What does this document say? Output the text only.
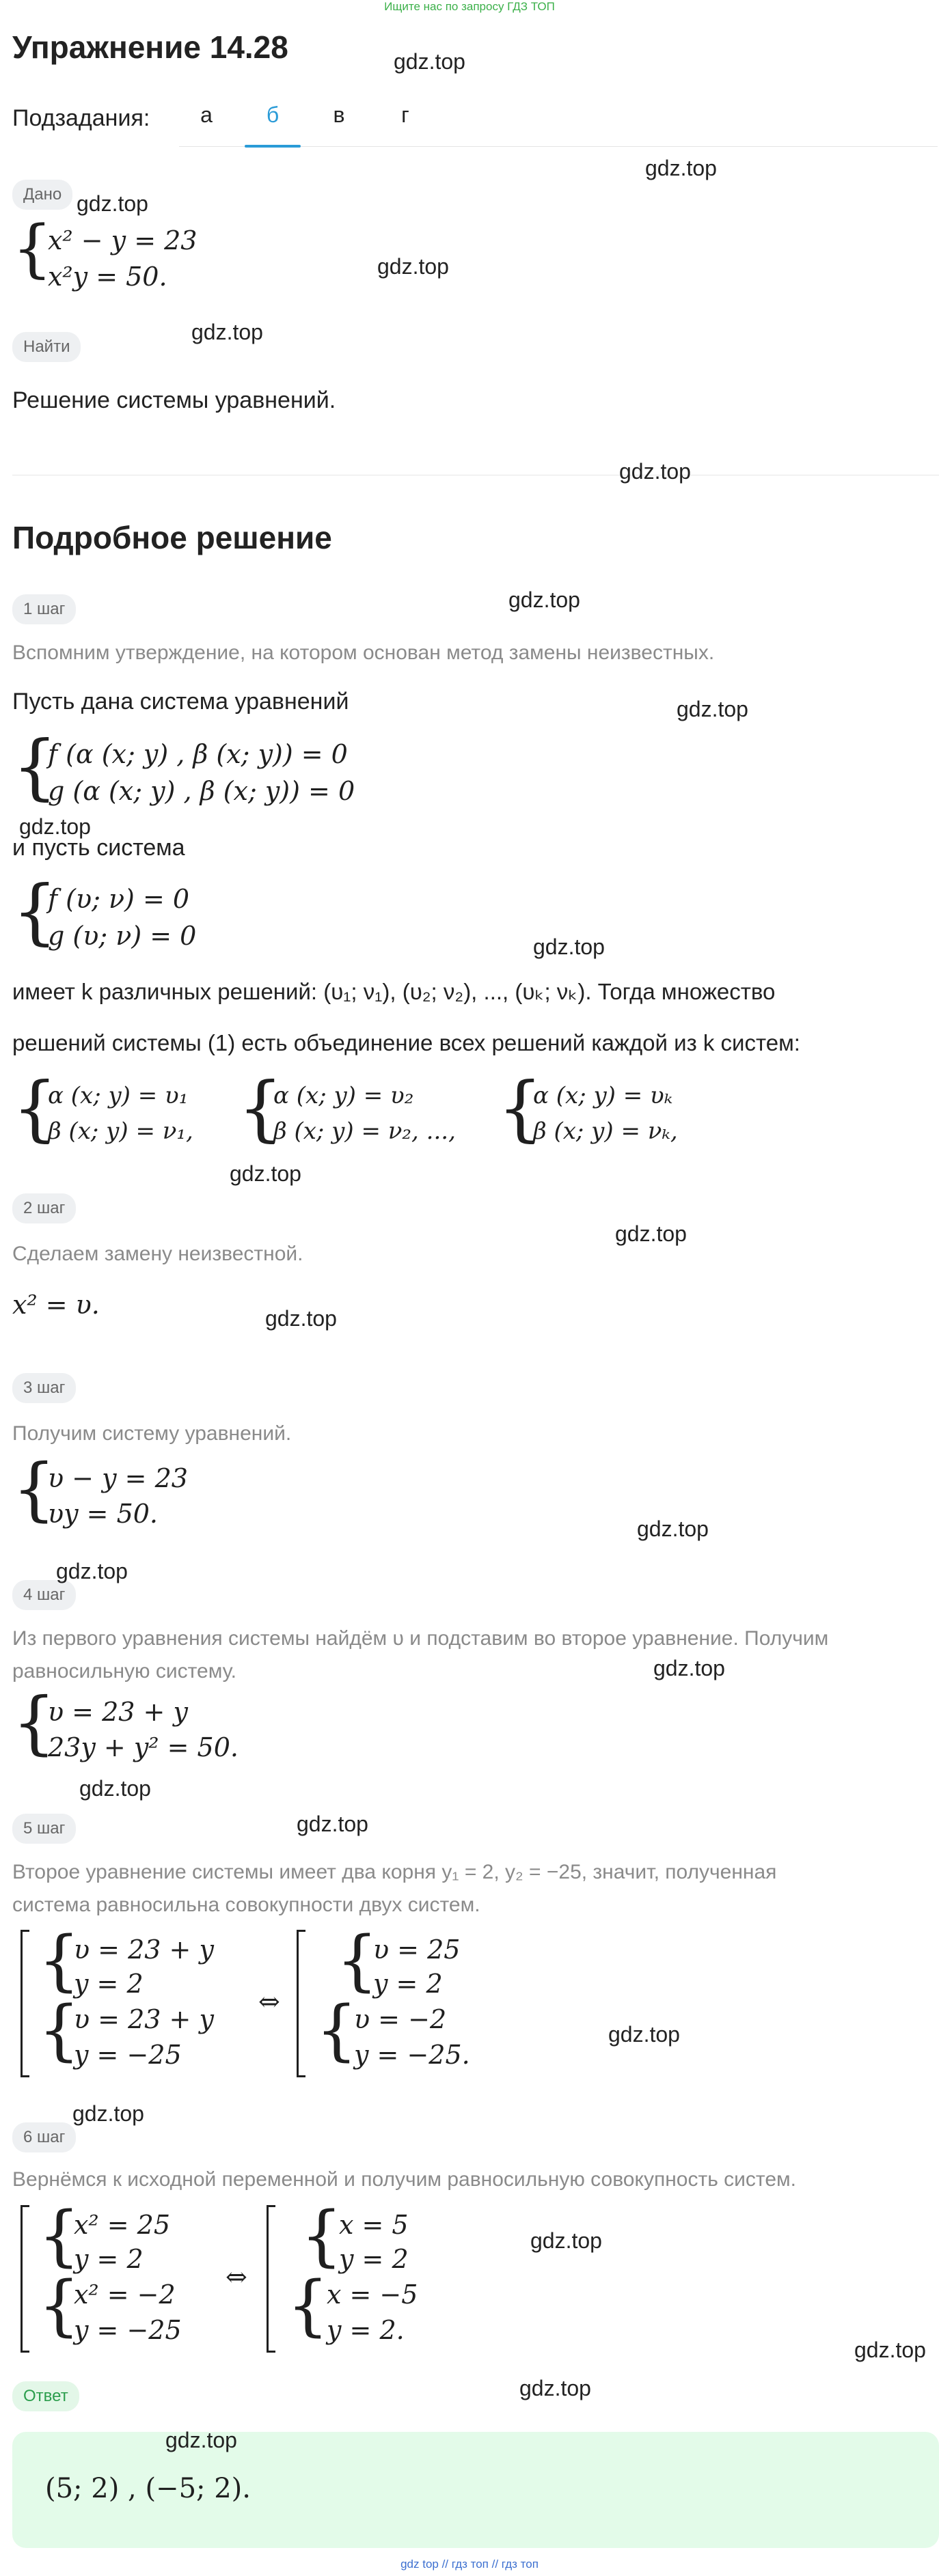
Ищите нас по запросу ГДЗ ТОП
Упражнение 14.28
Подзадания:	а	б	в	г
Дано
{
x² − y = 23
x²y = 50.
Найти
Решение системы уравнений.
Подробное решение
1 шаг
Вспомним утверждение, на котором основан метод замены неизвестных.
Пусть дана система уравнений
{
f (α (x; y) , β (x; y)) = 0
g (α (x; y) , β (x; y)) = 0
и пусть система
{
f (υ; ν) = 0
g (υ; ν) = 0
имеет k различных решений: (υ₁; ν₁), (υ₂; ν₂), ..., (υₖ; νₖ). Тогда множество
решений системы (1) есть объединение всех решений каждой из k систем:
{
α (x; y) = υ₁
β (x; y) = ν₁, {
α (x; y) = υ₂
β (x; y) = ν₂, ..., {
α (x; y) = υₖ
β (x; y) = νₖ,
2 шаг
Сделаем замену неизвестной.
x² = υ.
3 шаг
Получим систему уравнений.
{
υ − y = 23
υy = 50.
4 шаг
Из первого уравнения системы найдём υ и подставим во второе уравнение. Получим
равносильную систему.
{
υ = 23 + y
23y + y² = 50.
5 шаг
Второе уравнение системы имеет два корня y₁ = 2, y₂ = −25, значит, полученная
система равносильна совокупности двух систем.
{
υ = 23 + y
y = 2
{
υ = 23 + y
y = −25
⇔
{
υ = 25
y = 2
{
υ = −2
y = −25.
6 шаг
Вернёмся к исходной переменной и получим равносильную совокупность систем.
{
x² = 25
y = 2
{
x² = −2
y = −25
⇔
{
x = 5
y = 2
{
x = −5
y = 2.
Ответ
(5; 2) , (−5; 2).
gdz.top
gdz.top
gdz.top
gdz.top
gdz.top
gdz.top
gdz.top
gdz.top
gdz.top
gdz.top
gdz.top
gdz.top
gdz.top
gdz.top
gdz.top
gdz.top
gdz.top
gdz.top
gdz.top
gdz.top
gdz.top
gdz.top
gdz.top
gdz.top
gdz top // гдз топ // гдз топ
